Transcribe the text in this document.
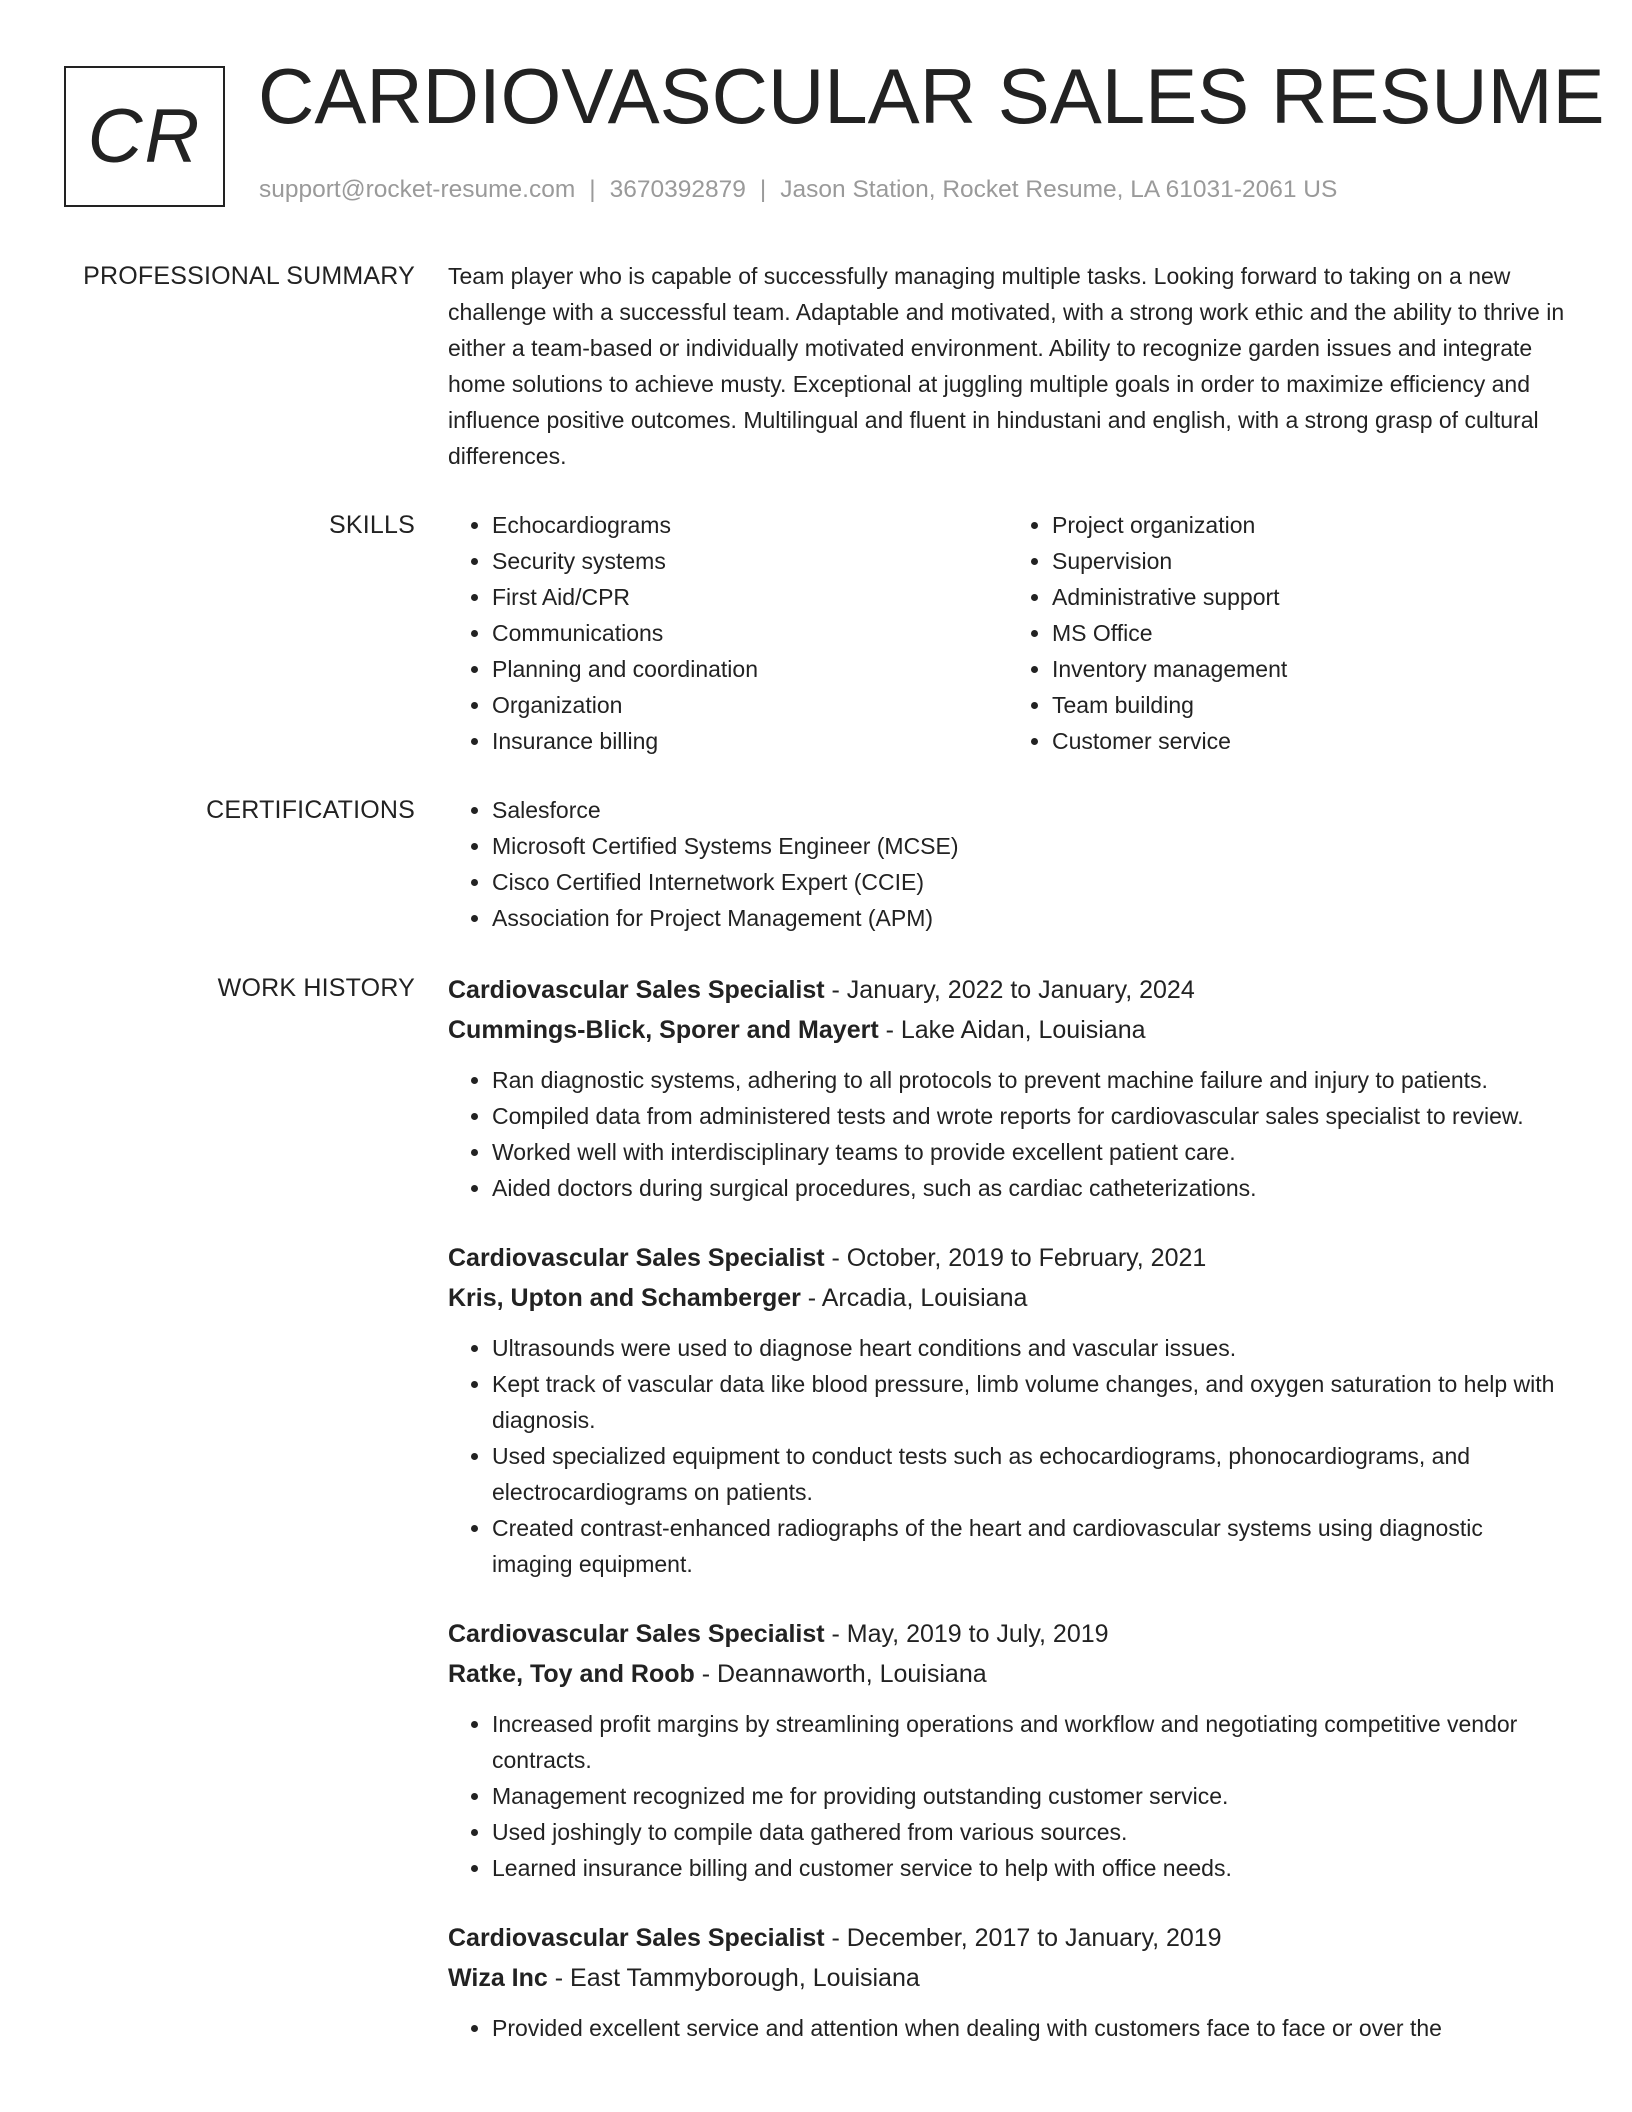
CR CARDIOVASCULAR SALES RESUME
support@rocket-resume.com | 3670392879 | Jason Station, Rocket Resume, LA 61031-2061 US
PROFESSIONAL SUMMARY Team player who is capable of successfully managing multiple tasks. Looking forward to taking on a new challenge with a successful team. Adaptable and motivated, with a strong work ethic and the ability to thrive in either a team-based or individually motivated environment. Ability to recognize garden issues and integrate home solutions to achieve musty. Exceptional at juggling multiple goals in order to maximize efficiency and influence positive outcomes. Multilingual and fluent in hindustani and english, with a strong grasp of cultural differences.

SKILLS	• Echocardiograms
• Security systems
• First Aid/CPR
• Communications
• Planning and coordination
• Organization
• Insurance billing
• Project organization
• Supervision
• Administrative support
• MS Office
• Inventory management
• Team building
• Customer service
CERTIFICATIONS	• Salesforce
• Microsoft Certified Systems Engineer (MCSE)
• Cisco Certified Internetwork Expert (CCIE)
• Association for Project Management (APM)
WORK HISTORY Cardiovascular Sales Specialist - January, 2022 to January, 2024
Cummings-Blick, Sporer and Mayert - Lake Aidan, Louisiana
• Ran diagnostic systems, adhering to all protocols to prevent machine failure and injury to patients.
• Compiled data from administered tests and wrote reports for cardiovascular sales specialist to review.
• Worked well with interdisciplinary teams to provide excellent patient care.
• Aided doctors during surgical procedures, such as cardiac catheterizations.
Cardiovascular Sales Specialist - October, 2019 to February, 2021
Kris, Upton and Schamberger - Arcadia, Louisiana
• Ultrasounds were used to diagnose heart conditions and vascular issues.
• Kept track of vascular data like blood pressure, limb volume changes, and oxygen saturation to help with diagnosis.
• Used specialized equipment to conduct tests such as echocardiograms, phonocardiograms, and electrocardiograms on patients.
• Created contrast-enhanced radiographs of the heart and cardiovascular systems using diagnostic imaging equipment.
Cardiovascular Sales Specialist - May, 2019 to July, 2019
Ratke, Toy and Roob - Deannaworth, Louisiana
• Increased profit margins by streamlining operations and workflow and negotiating competitive vendor contracts.
• Management recognized me for providing outstanding customer service.
• Used joshingly to compile data gathered from various sources.
• Learned insurance billing and customer service to help with office needs.
Cardiovascular Sales Specialist - December, 2017 to January, 2019
Wiza Inc - East Tammyborough, Louisiana
• Provided excellent service and attention when dealing with customers face to face or over the
